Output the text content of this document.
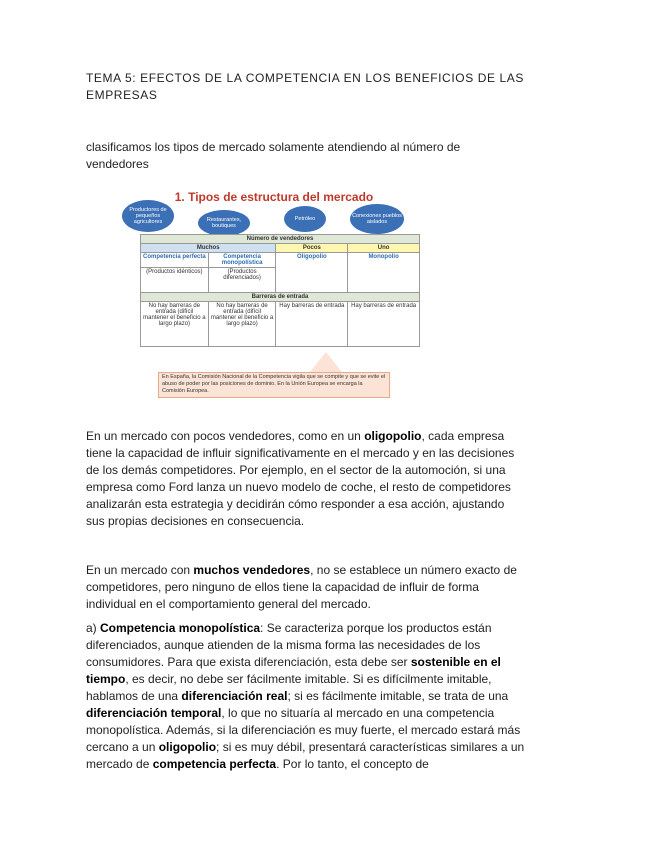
TEMA 5: EFECTOS DE LA COMPETENCIA EN LOS BENEFICIOS DE LAS EMPRESAS
clasificamos los tipos de mercado solamente atendiendo al número de vendedores
1. Tipos de estructura del mercado
Productores de pequeños agricultores	Restaurantes, boutiques
Petróleo	Conexiones pueblos aislados
Número de vendedores			
Muchos		Pocos	Uno
Competencia perfecta	Competencia monopolística	Oligopolio	Monopolio
(Productos idénticos)	(Productos diferenciados)		
Barreras de entrada			
No hay barreras de entrada (difícil mantener el beneficio a largo plazo)	No hay barreras de entrada (difícil mantener el beneficio a largo plazo)	Hay barreras de entrada	Hay barreras de entrada
En España, la Comisión Nacional de la Competencia vigila que se compite y que se evite el abuso de poder por las posiciones de dominio. En la Unión Europea se encarga la Comisión Europea.

En un mercado con pocos vendedores, como en un oligopolio, cada empresa tiene la capacidad de influir significativamente en el mercado y en las decisiones de los demás competidores. Por ejemplo, en el sector de la automoción, si una empresa como Ford lanza un nuevo modelo de coche, el resto de competidores analizarán esta estrategia y decidirán cómo responder a esa acción, ajustando sus propias decisiones en consecuencia.

En un mercado con muchos vendedores, no se establece un número exacto de competidores, pero ninguno de ellos tiene la capacidad de influir de forma individual en el comportamiento general del mercado.

a) Competencia monopolística: Se caracteriza porque los productos están diferenciados, aunque atienden de la misma forma las necesidades de los consumidores. Para que exista diferenciación, esta debe ser sostenible en el tiempo, es decir, no debe ser fácilmente imitable. Si es difícilmente imitable, hablamos de una diferenciación real; si es fácilmente imitable, se trata de una diferenciación temporal, lo que no situaría al mercado en una competencia monopolística. Además, si la diferenciación es muy fuerte, el mercado estará más cercano a un oligopolio; si es muy débil, presentará características similares a un mercado de competencia perfecta. Por lo tanto, el concepto de
